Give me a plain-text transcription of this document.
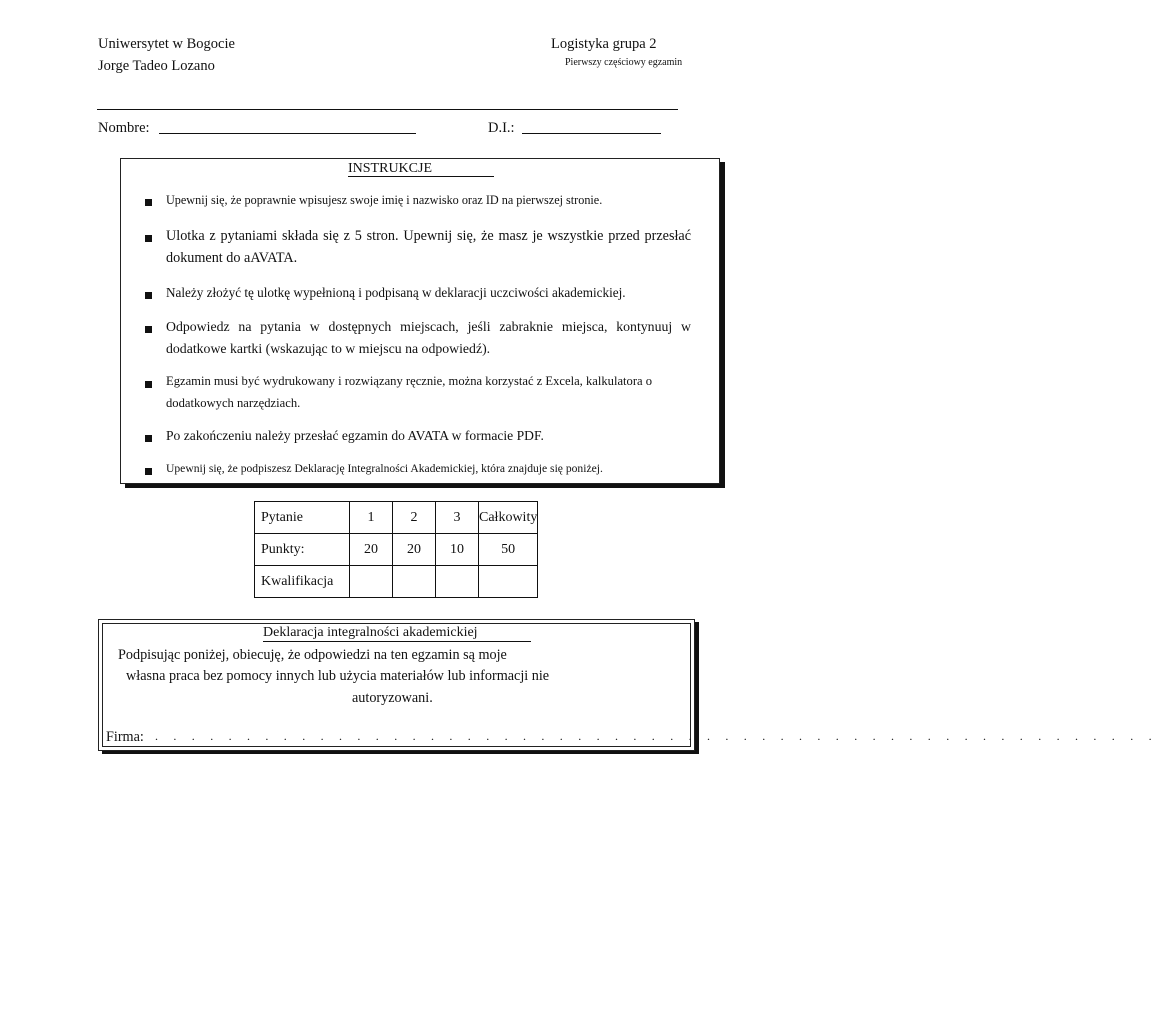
Uniwersytet w Bogocie
Jorge Tadeo Lozano
Logistyka grupa 2
Pierwszy częściowy egzamin
Nombre:	D.I.:
INSTRUKCJE
Upewnij się, że poprawnie wpisujesz swoje imię i nazwisko oraz ID na pierwszej stronie.
Ulotka z pytaniami składa się z 5 stron. Upewnij się, że masz je wszystkie przed przesłać dokument do aAVATA.
Należy złożyć tę ulotkę wypełnioną i podpisaną w deklaracji uczciwości akademickiej.
Odpowiedz na pytania w dostępnych miejscach, jeśli zabraknie miejsca, kontynuuj w dodatkowe kartki (wskazując to w miejscu na odpowiedź).
Egzamin musi być wydrukowany i rozwiązany ręcznie, można korzystać z Excela, kalkulatora o dodatkowych narzędziach.
Po zakończeniu należy przesłać egzamin do AVATA w formacie PDF.
Upewnij się, że podpiszesz Deklarację Integralności Akademickiej, która znajduje się poniżej.
Pytanie	1	2	3	Całkowity
Punkty:	20	20	10	50
Kwalifikacja				
Deklaracja integralności akademickiej
Podpisując poniżej, obiecuję, że odpowiedzi na ten egzamin są moje
własna praca bez pomocy innych lub użycia materiałów lub informacji nie
autoryzowani.
Firma: . . . . . . . . . . . . . . . . . . . . . . . . . . . . . . . . . . . . . . . . . . . . . . . . . . . . . . .
